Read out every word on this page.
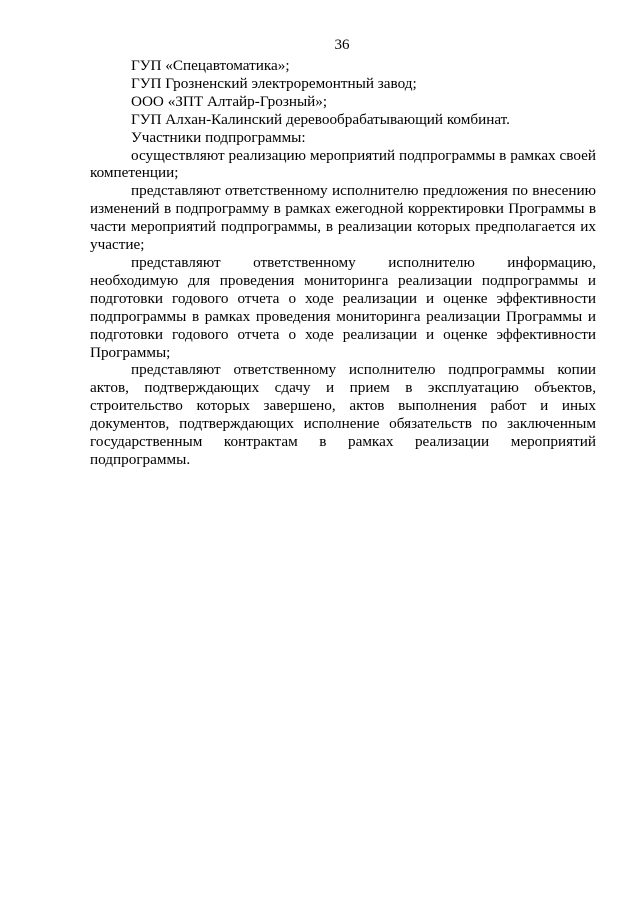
36

ГУП «Спецавтоматика»;

ГУП Грозненский электроремонтный завод;

ООО «ЗПТ Алтайр-Грозный»;

ГУП Алхан-Калинский деревообрабатывающий комбинат.

Участники подпрограммы:

осуществляют реализацию мероприятий подпрограммы в рамках своей компетенции;

представляют ответственному исполнителю предложения по внесению изменений в подпрограмму в рамках ежегодной корректировки Программы в части мероприятий подпрограммы, в реализации которых предполагается их участие;

представляют ответственному исполнителю информацию, необходимую для проведения мониторинга реализации подпрограммы и подготовки годового отчета о ходе реализации и оценке эффективности подпрограммы в рамках проведения мониторинга реализации Программы и подготовки годового отчета о ходе реализации и оценке эффективности Программы;

представляют ответственному исполнителю подпрограммы копии актов, подтверждающих сдачу и прием в эксплуатацию объектов, строительство которых завершено, актов выполнения работ и иных документов, подтверждающих исполнение обязательств по заключенным государственным контрактам в рамках реализации мероприятий подпрограммы.
